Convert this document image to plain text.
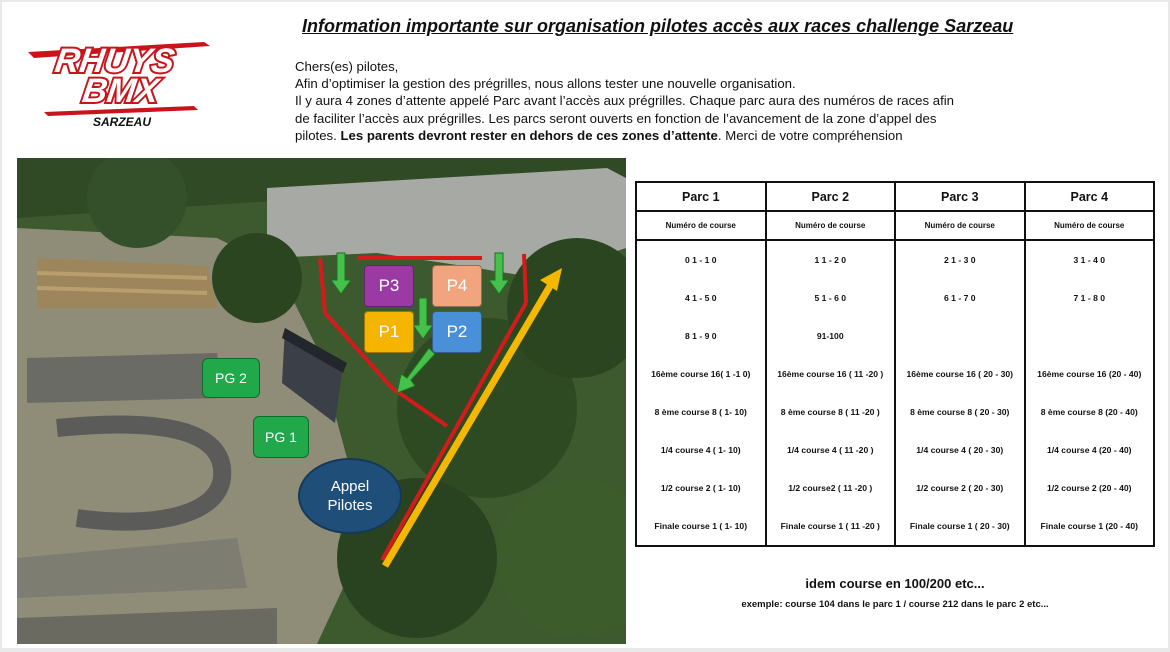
Information importante sur organisation pilotes accès aux races challenge Sarzeau
RHUYS
BMX
SARZEAU

Chers(es) pilotes,

Afin d’optimiser la gestion des prégrilles, nous allons tester une nouvelle organisation.

Il y aura 4 zones d’attente appelé Parc avant l’accès aux prégrilles. Chaque parc aura des numéros de races afin

de faciliter l’accès aux prégrilles. Les parcs seront ouverts en fonction de l’avancement de la zone d’appel des

pilotes. Les parents devront rester en dehors de ces zones d’attente. Merci de votre compréhension

P3	P4
P1	P2
PG 2
PG 1
Appel
Pilotes
Parc 1	Parc 2	Parc 3	Parc 4
Numéro de course	Numéro de course	Numéro de course	Numéro de course
0 1 - 1 0	1 1 - 2 0	2 1 - 3 0	3 1 - 4 0
4 1 - 5 0	5 1 - 6 0	6 1 - 7 0	7 1 - 8 0
8 1 - 9 0	91-100		
16ème course 16( 1 -1 0)	16ème course 16 ( 11 -20 )	16ème course 16 ( 20 - 30)	16ème course 16 (20 - 40)
8 ème course 8 ( 1- 10)	8 ème course 8 ( 11 -20 )	8 ème course 8 ( 20 - 30)	8 ème course 8 (20 - 40)
1/4 course 4 ( 1- 10)	1/4 course 4 ( 11 -20 )	1/4 course 4 ( 20 - 30)	1/4 course 4 (20 - 40)
1/2 course 2 ( 1- 10)	1/2 course2 ( 11 -20 )	1/2 course 2 ( 20 - 30)	1/2 course 2 (20 - 40)
Finale course 1 ( 1- 10)	Finale course 1 ( 11 -20 )	Finale course 1 ( 20 - 30)	Finale course 1 (20 - 40)
idem course en 100/200 etc...
exemple: course 104 dans le parc 1 / course 212 dans le parc 2 etc...
